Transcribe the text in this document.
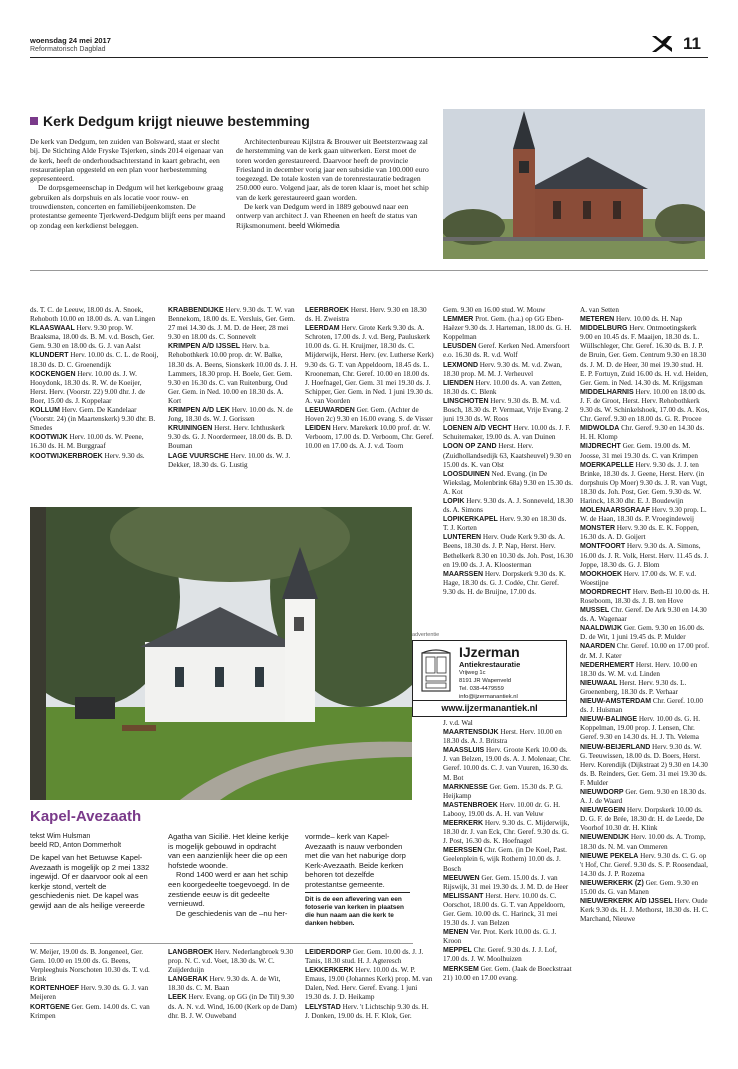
woensdag 24 mei 2017
Reformatorisch Dagblad	11
Kerk Dedgum krijgt nieuwe bestemming

De kerk van Dedgum, ten zuiden van Bolsward, staat er slecht bij. De Stichting Alde Fryske Tsjerken, sinds 2014 eigenaar van de kerk, heeft de onderhoudsachterstand in kaart gebracht, een restauratieplan opgesteld en een plan voor herbestemming gepresenteerd.

De dorpsgemeenschap in Dedgum wil het kerkgebouw graag gebruiken als dorpshuis en als locatie voor rouw- en trouwdiensten, concerten en familiebijeenkomsten. De protestantse gemeente Tjerkwerd-Dedgum blijft eens per maand op zondag een kerkdienst beleggen.

Architectenbureau Kijlstra & Brouwer uit Beetsterzwaag zal de herstemming van de kerk gaan uitwerken. Eerst moet de toren worden gerestaureerd. Daarvoor heeft de provincie Friesland in december vorig jaar een subsidie van 100.000 euro toegezegd. De totale kosten van de torenrestauratie bedragen 250.000 euro. Volgend jaar, als de toren klaar is, moet het schip van de kerk gerestaureerd gaan worden.

De kerk van Dedgum werd in 1889 gebouwd naar een ontwerp van architect J. van Rheenen en heeft de status van Rijksmonument. beeld Wikimedia

ds. T. C. de Leeuw, 18.00 ds. A. Snoek, Rehoboth 10.00 en 18.00 ds. A. van Lingen

KLAASWAAL Herv. 9.30 prop. W. Braaksma, 18.00 ds. B. M. v.d. Bosch, Ger. Gem. 9.30 en 18.00 ds. G. J. van Aalst

KLUNDERT Herv. 10.00 ds. C. L. de Rooij, 18.30 ds. D. C. Groenendijk

KOCKENGEN Herv. 10.00 ds. J. W. Hooydonk, 18.30 ds. R. W. de Koeijer, Herst. Herv. (Voorstr. 22) 9.00 dhr. J. de Boer, 15.00 ds. J. Koppelaar

KOLLUM Herv. Gem. De Kandelaar (Voorstr. 24) (in Maartenskerk) 9.30 dhr. B. Smedes

KOOTWIJK Herv. 10.00 ds. W. Peene, 16.30 ds. H. M. Burggraaf

KOOTWIJKERBROEK Herv. 9.30 ds.

KRABBENDIJKE Herv. 9.30 ds. T. W. van Bennekom, 18.00 ds. E. Versluis, Ger. Gem. 27 mei 14.30 ds. J. M. D. de Heer, 28 mei 9.30 en 18.00 ds. C. Sonnevelt

KRIMPEN A/D IJSSEL Herv. b.a. Rehobothkerk 10.00 prop. dr. W. Balke, 18.30 ds. A. Beens, Sionskerk 10.00 ds. J. H. Lammers, 18.30 prop. H. Boele, Ger. Gem. 9.30 en 16.30 ds. C. van Ruitenburg, Oud Ger. Gem. in Ned. 10.00 en 18.30 ds. A. Kort

KRIMPEN A/D LEK Herv. 10.00 ds. N. de Jong, 18.30 ds. W. J. Gorissen

KRUININGEN Herst. Herv. Ichthuskerk 9.30 ds. G. J. Noordermeer, 18.00 ds. B. D. Bouman

LAGE VUURSCHE Herv. 10.00 ds. W. J. Dekker, 18.30 ds. G. Lustig

LEERBROEK Herst. Herv. 9.30 en 18.30 ds. H. Zweistra

LEERDAM Herv. Grote Kerk 9.30 ds. A. Schroten, 17.00 ds. J. v.d. Berg, Pauluskerk 10.00 ds. G. H. Kruijmer, 18.30 ds. C. Mijderwijk, Herst. Herv. (ev. Lutherse Kerk) 9.30 ds. G. T. van Appeldoorn, 18.45 ds. L. Krooneman, Chr. Geref. 10.00 en 18.00 ds. J. Hoefnagel, Ger. Gem. 31 mei 19.30 ds. J. Schipper, Ger. Gem. in Ned. 1 juni 19.30 ds. A. van Voorden

LEEUWARDEN Ger. Gem. (Achter de Hoven 2c) 9.30 en 16.00 evang. S. de Visser

LEIDEN Herv. Marekerk 10.00 prof. dr. W. Verboom, 17.00 ds. D. Verboom, Chr. Geref. 10.00 en 17.00 ds. A. J. v.d. Toorn

Gem. 9.30 en 16.00 stud. W. Mouw

LEMMER Prot. Gem. (h.a.) op GG Eben-Haëzer 9.30 ds. J. Harteman, 18.00 ds. G. H. Koppelman

LEUSDEN Geref. Kerken Ned. Amersfoort e.o. 16.30 ds. R. v.d. Wolf

LEXMOND Herv. 9.30 ds. M. v.d. Zwan, 18.30 prop. M. M. J. Verheuvel

LIENDEN Herv. 10.00 ds. A. van Zetten, 18.30 ds. C. Blenk

LINSCHOTEN Herv. 9.30 ds. B. M. v.d. Bosch, 18.30 ds. P. Vermaat, Vrije Evang. 2 juni 19.30 ds. W. Roos

LOENEN A/D VECHT Herv. 10.00 ds. J. F. Schuitemaker, 19.00 ds. A. van Duinen

LOON OP ZAND Herst. Herv. (Zuidhollandsedijk 63, Kaatsheuvel) 9.30 en 15.00 ds. K. van Olst

LOOSDUINEN Ned. Evang. (in De Wiekslag, Molenbrink 68a) 9.30 en 15.30 ds. A. Kot

LOPIK Herv. 9.30 ds. A. J. Sonneveld, 18.30 ds. A. Simons

LOPIKERKAPEL Herv. 9.30 en 18.30 ds. T. J. Korten

LUNTEREN Herv. Oude Kerk 9.30 ds. A. Beens, 18.30 ds. J. P. Nap, Herst. Herv. Bethelkerk 8.30 en 10.30 ds. Joh. Post, 16.30 en 19.00 ds. J. A. Kloosterman

MAARSSEN Herv. Dorpskerk 9.30 ds. K. Hage, 18.30 ds. G. J. Codée, Chr. Geref. 9.30 ds. H. de Bruijne, 17.00 ds.

A. van Setten

METEREN Herv. 10.00 ds. H. Nap

MIDDELBURG Herv. Ontmoetingskerk 9.00 en 10.45 ds. F. Maaijen, 18.30 ds. L. Wüllschleger, Chr. Geref. 16.30 ds. B. J. P. de Bruin, Ger. Gem. Centrum 9.30 en 18.30 ds. J. M. D. de Heer, 30 mei 19.30 stud. H. E. P. Fortuyn, Zuid 16.00 ds. H. v.d. Heiden, Ger. Gem. in Ned. 14.30 ds. M. Krijgsman

MIDDELHARNIS Herv. 10.00 en 18.00 ds. J. F. de Groot, Herst. Herv. Rehobothkerk 9.30 ds. W. Schinkelshoek, 17.00 ds. A. Kos, Chr. Geref. 9.30 en 18.00 ds. G. R. Procee

MIDWOLDA Chr. Geref. 9.30 en 14.30 ds. H. H. Klomp

MIJDRECHT Ger. Gem. 19.00 ds. M. Joosse, 31 mei 19.30 ds. C. van Krimpen

MOERKAPELLE Herv. 9.30 ds. J. J. ten Brinke, 18.30 ds. J. Geene, Herst. Herv. (in dorpshuis Op Moer) 9.30 ds. J. R. van Vugt, 18.30 ds. Joh. Post, Ger. Gem. 9.30 ds. W. Harinck, 18.30 dhr. E. J. Boudewijn

MOLENAARSGRAAF Herv. 9.30 prop. L. W. de Haan, 18.30 ds. P. Vroegindeweij

MONSTER Herv. 9.30 ds. E. K. Foppen, 16.30 ds. A. D. Goijert

MONTFOORT Herv. 9.30 ds. A. Simons, 16.00 ds. J. R. Volk, Herst. Herv. 11.45 ds. J. Joppe, 18.30 ds. G. J. Blom

MOOKHOEK Herv. 17.00 ds. W. F. v.d. Woestijne

MOORDRECHT Herv. Beth-El 10.00 ds. H. Roseboom, 18.30 ds. J. B. ten Hove

MUSSEL Chr. Geref. De Ark 9.30 en 14.30 ds. A. Wagenaar

NAALDWIJK Ger. Gem. 9.30 en 16.00 ds. D. de Wit, 1 juni 19.45 ds. P. Mulder

NAARDEN Chr. Geref. 10.00 en 17.00 prof. dr. M. J. Kater

NEDERHEMERT Herst. Herv. 10.00 en 18.30 ds. W. M. v.d. Linden

NIEUWAAL Herst. Herv. 9.30 ds. L. Groenenberg, 18.30 ds. P. Verhaar

NIEUW-AMSTERDAM Chr. Geref. 10.00 ds. J. Huisman

NIEUW-BALINGE Herv. 10.00 ds. G. H. Koppelman, 19.00 prop. J. Lensen, Chr. Geref. 9.30 en 14.30 ds. H. J. Th. Velema

NIEUW-BEIJERLAND Herv. 9.30 ds. W. G. Teeuwissen, 18.00 ds. D. Boers, Herst. Herv. Korendijk (Dijkstraat 2) 9.30 en 14.30 ds. B. Reinders, Ger. Gem. 31 mei 19.30 ds. F. Mulder

NIEUWDORP Ger. Gem. 9.30 en 18.30 ds. A. J. de Waard

NIEUWEGEIN Herv. Dorpskerk 10.00 ds. D. G. F. de Brée, 18.30 dr. H. de Leede, De Voorhof 10.30 dr. H. Klink

NIEUWENDIJK Herv. 10.00 ds. A. Tromp, 18.30 ds. N. M. van Ommeren

NIEUWE PEKELA Herv. 9.30 ds. C. G. op 't Hof, Chr. Geref. 9.30 ds. S. P. Roosendaal, 14.30 ds. J. P. Rozema

NIEUWERKERK (Z) Ger. Gem. 9.30 en 15.00 ds. G. van Manen

NIEUWERKERK A/D IJSSEL Herv. Oude Kerk 9.30 ds. H. J. Methorst, 18.30 ds. H. C. Marchand, Nieuwe

Kapel-Avezaath
tekst Wim Hulsman
beeld RD, Anton Dommerholt

De kapel van het Betuwse Kapel-Avezaath is mogelijk op 2 mei 1332 ingewijd. Of er daarvoor ook al een kerkje stond, vertelt de geschiedenis niet. De kapel was gewijd aan de als heilige vereerde

Agatha van Sicilië. Het kleine kerkje is mogelijk gebouwd in opdracht van een aanzienlijk heer die op een hofstede woonde.

Rond 1400 werd er aan het schip een koorgedeelte toegevoegd. In de zestiende eeuw is dit gedeelte vernieuwd.

De geschiedenis van de –nu her-

vormde– kerk van Kapel-Avezaath is nauw verbonden met die van het naburige dorp Kerk-Avezaath. Beide kerken behoren tot dezelfde protestantse gemeente.

Dit is de een aflevering van een fotoserie van kerken in plaatsen die hun naam aan die kerk te danken hebben.
advertentie
IJzerman
Antiekrestauratie
Vrijweg 1c
8191 JR Wapenveld
Tel. 038-4479559
info@ijzermanantiek.nl
www.ijzermanantiek.nl

J. v.d. Wal

MAARTENSDIJK Herst. Herv. 10.00 en 18.30 ds. A. J. Britstra

MAASSLUIS Herv. Groote Kerk 10.00 ds. J. van Belzen, 19.00 ds. A. J. Molenaar, Chr. Geref. 10.00 ds. C. J. van Vuuren, 16.30 ds. M. Bot

MARKNESSE Ger. Gem. 15.30 ds. P. G. Heijkamp

MASTENBROEK Herv. 10.00 dr. G. H. Labooy, 19.00 ds. A. H. van Veluw

MEERKERK Herv. 9.30 ds. C. Mijderwijk, 18.30 dr. J. van Eck, Chr. Geref. 9.30 ds. G. J. Post, 16.30 ds. K. Hoefnagel

MEERSSEN Chr. Gem. (in De Koel, Past. Geelenplein 6, wijk Rothem) 10.00 ds. J. Bosch

MEEUWEN Ger. Gem. 15.00 ds. J. van Rijswijk, 31 mei 19.30 ds. J. M. D. de Heer

MELISSANT Herst. Herv. 10.00 ds. C. Oorschot, 18.00 ds. G. T. van Appeldoorn, Ger. Gem. 10.00 ds. C. Harinck, 31 mei 19.30 ds. J. van Belzen

MENEN Ver. Prot. Kerk 10.00 ds. G. J. Kroon

MEPPEL Chr. Geref. 9.30 ds. J. J. Lof, 17.00 ds. J. W. Moolhuizen

MERKSEM Ger. Gem. (Jaak de Boeckstraat 21) 10.00 en 17.00 evang.

W. Meijer, 19.00 ds. B. Jongeneel, Ger. Gem. 10.00 en 19.00 ds. G. Beens, Verpleeghuis Norschoten 10.30 ds. T. v.d. Brink

KORTENHOEF Herv. 9.30 ds. G. J. van Meijeren

KORTGENE Ger. Gem. 14.00 ds. C. van Krimpen

LANGBROEK Herv. Nederlangbroek 9.30 prop. N. C. v.d. Voet, 18.30 ds. W. C. Zuijderduijn

LANGERAK Herv. 9.30 ds. A. de Wit, 18.30 ds. C. M. Baan

LEEK Herv. Evang. op GG (in De Til) 9.30 ds. A. N. v.d. Wind, 16.00 (Kerk op de Dam) dhr. B. J. W. Ouweband

LEIDERDORP Ger. Gem. 10.00 ds. J. J. Tanis, 18.30 stud. H. J. Agteresch

LEKKERKERK Herv. 10.00 ds. W. P. Emaus, 19.00 (Johannes Kerk) prop. M. van Dalen, Ned. Herv. Geref. Evang. 1 juni 19.30 ds. J. D. Heikamp

LELYSTAD Herv. 't Lichtschip 9.30 ds. H. J. Donken, 19.00 ds. H. F. Klok, Ger.
